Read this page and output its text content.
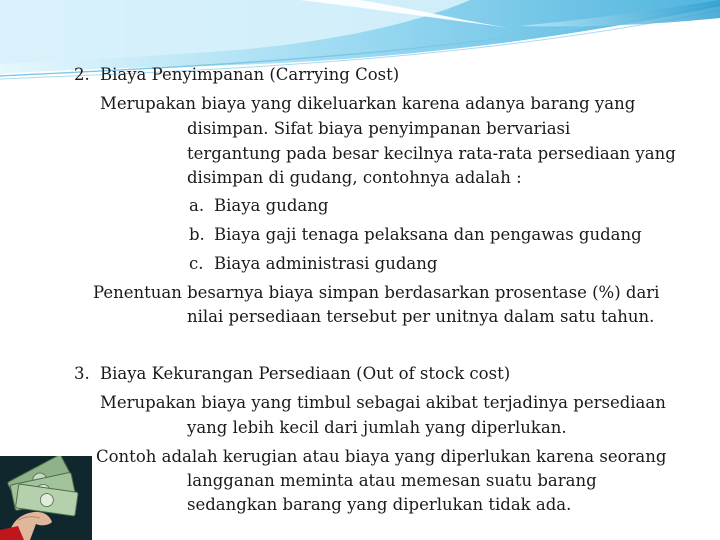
2. Biaya Penyimpanan (Carrying Cost)
Merupakan biaya yang dikeluarkan karena adanya barang yang
disimpan. Sifat biaya penyimpanan bervariasi
tergantung pada besar kecilnya rata-rata persediaan yang
disimpan di gudang, contohnya adalah :
a. Biaya gudang
b. Biaya gaji tenaga pelaksana dan pengawas gudang
c. Biaya administrasi gudang
Penentuan besarnya biaya simpan berdasarkan prosentase (%) dari
nilai persediaan tersebut per unitnya dalam satu tahun.
3. Biaya Kekurangan Persediaan (Out of stock cost)
Merupakan biaya yang timbul sebagai akibat terjadinya persediaan
yang lebih kecil dari jumlah yang diperlukan.
Contoh adalah kerugian atau biaya yang diperlukan karena seorang
langganan meminta atau memesan suatu barang
sedangkan barang yang diperlukan tidak ada.
